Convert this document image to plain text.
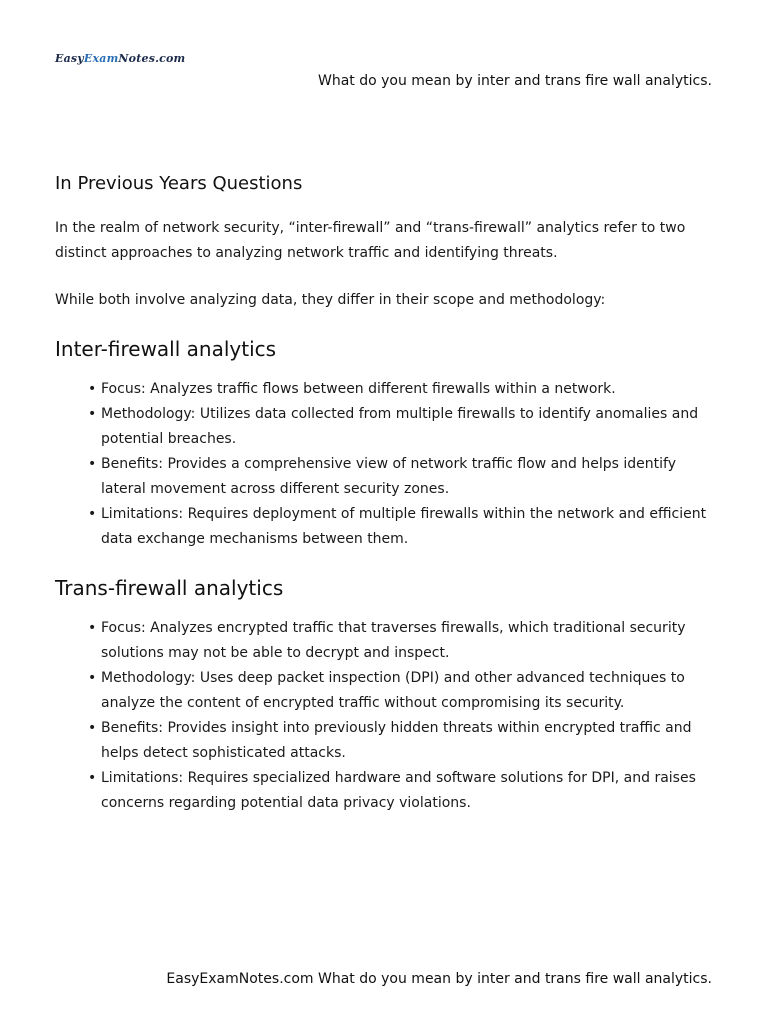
EasyExamNotes.com
What do you mean by inter and trans fire wall analytics.
In Previous Years Questions

In the realm of network security, “inter-firewall” and “trans-firewall” analytics refer to two distinct approaches to analyzing network traffic and identifying threats.

While both involve analyzing data, they differ in their scope and methodology:

Inter-firewall analytics
• Focus: Analyzes traffic flows between different firewalls within a network.
• Methodology: Utilizes data collected from multiple firewalls to identify anomalies and potential breaches.
• Benefits: Provides a comprehensive view of network traffic flow and helps identify lateral movement across different security zones.
• Limitations: Requires deployment of multiple firewalls within the network and efficient data exchange mechanisms between them.
Trans-firewall analytics
• Focus: Analyzes encrypted traffic that traverses firewalls, which traditional security solutions may not be able to decrypt and inspect.
• Methodology: Uses deep packet inspection (DPI) and other advanced techniques to analyze the content of encrypted traffic without compromising its security.
• Benefits: Provides insight into previously hidden threats within encrypted traffic and helps detect sophisticated attacks.
• Limitations: Requires specialized hardware and software solutions for DPI, and raises concerns regarding potential data privacy violations.
EasyExamNotes.com What do you mean by inter and trans fire wall analytics.
